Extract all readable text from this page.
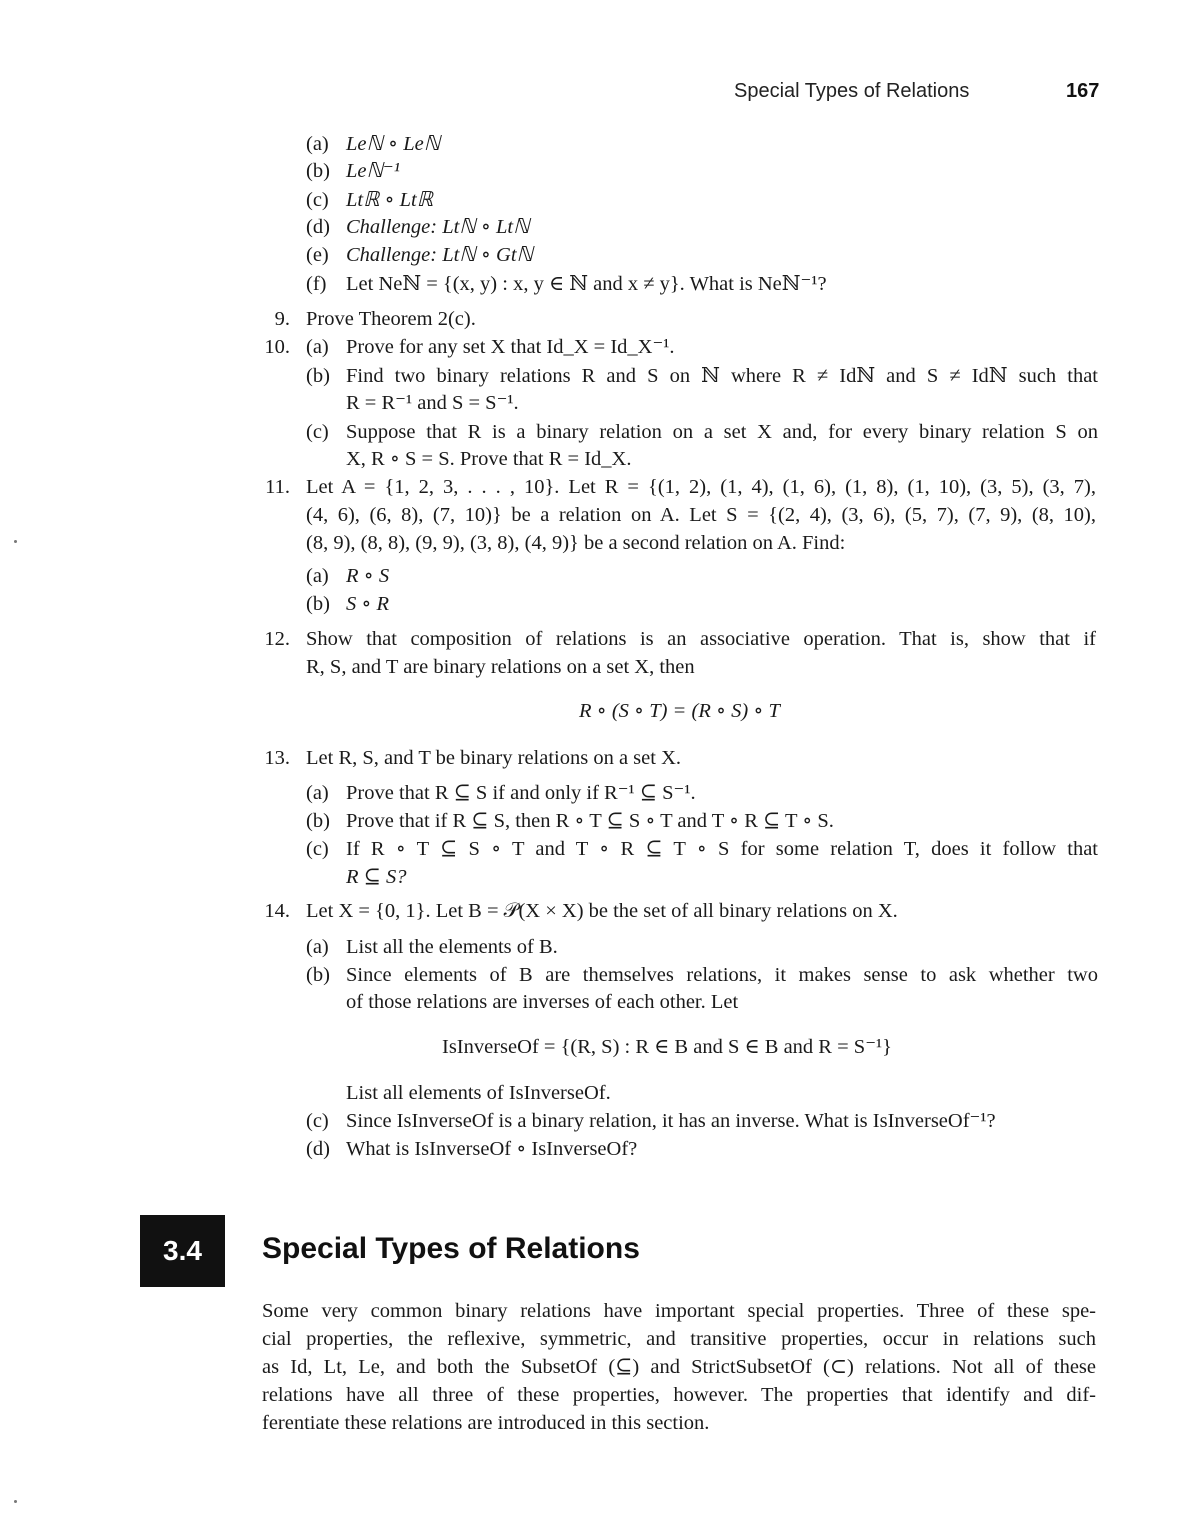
Special Types of Relations	167
(a) Leℕ ∘ Leℕ
(b) Leℕ⁻¹
(c) Ltℝ ∘ Ltℝ
(d) Challenge: Ltℕ ∘ Ltℕ
(e) Challenge: Ltℕ ∘ Gtℕ
(f) Let Neℕ = {(x, y) : x, y ∈ ℕ and x ≠ y}. What is Neℕ⁻¹?
9. Prove Theorem 2(c).
10. (a) Prove for any set X that Id_X = Id_X⁻¹.
(b) Find two binary relations R and S on ℕ where R ≠ Idℕ and S ≠ Idℕ such that
R = R⁻¹ and S = S⁻¹.
(c) Suppose that R is a binary relation on a set X and, for every binary relation S on
X, R ∘ S = S. Prove that R = Id_X.
11. Let A = {1, 2, 3, . . . , 10}. Let R = {(1, 2), (1, 4), (1, 6), (1, 8), (1, 10), (3, 5), (3, 7),
(4, 6), (6, 8), (7, 10)} be a relation on A. Let S = {(2, 4), (3, 6), (5, 7), (7, 9), (8, 10),
(8, 9), (8, 8), (9, 9), (3, 8), (4, 9)} be a second relation on A. Find:
(a) R ∘ S
(b) S ∘ R
12. Show that composition of relations is an associative operation. That is, show that if
R, S, and T are binary relations on a set X, then
R ∘ (S ∘ T) = (R ∘ S) ∘ T
13. Let R, S, and T be binary relations on a set X.
(a) Prove that R ⊆ S if and only if R⁻¹ ⊆ S⁻¹.
(b) Prove that if R ⊆ S, then R ∘ T ⊆ S ∘ T and T ∘ R ⊆ T ∘ S.
(c) If R ∘ T ⊆ S ∘ T and T ∘ R ⊆ T ∘ S for some relation T, does it follow that
R ⊆ S?
14. Let X = {0, 1}. Let B = 𝒫(X × X) be the set of all binary relations on X.
(a) List all the elements of B.
(b) Since elements of B are themselves relations, it makes sense to ask whether two
of those relations are inverses of each other. Let
IsInverseOf = {(R, S) : R ∈ B and S ∈ B and R = S⁻¹}
List all elements of IsInverseOf.
(c) Since IsInverseOf is a binary relation, it has an inverse. What is IsInverseOf⁻¹?
(d) What is IsInverseOf ∘ IsInverseOf?
3.4	Special Types of Relations
Some very common binary relations have important special properties. Three of these spe-
cial properties, the reflexive, symmetric, and transitive properties, occur in relations such
as Id, Lt, Le, and both the SubsetOf (⊆) and StrictSubsetOf (⊂) relations. Not all of these
relations have all three of these properties, however. The properties that identify and dif-
ferentiate these relations are introduced in this section.
